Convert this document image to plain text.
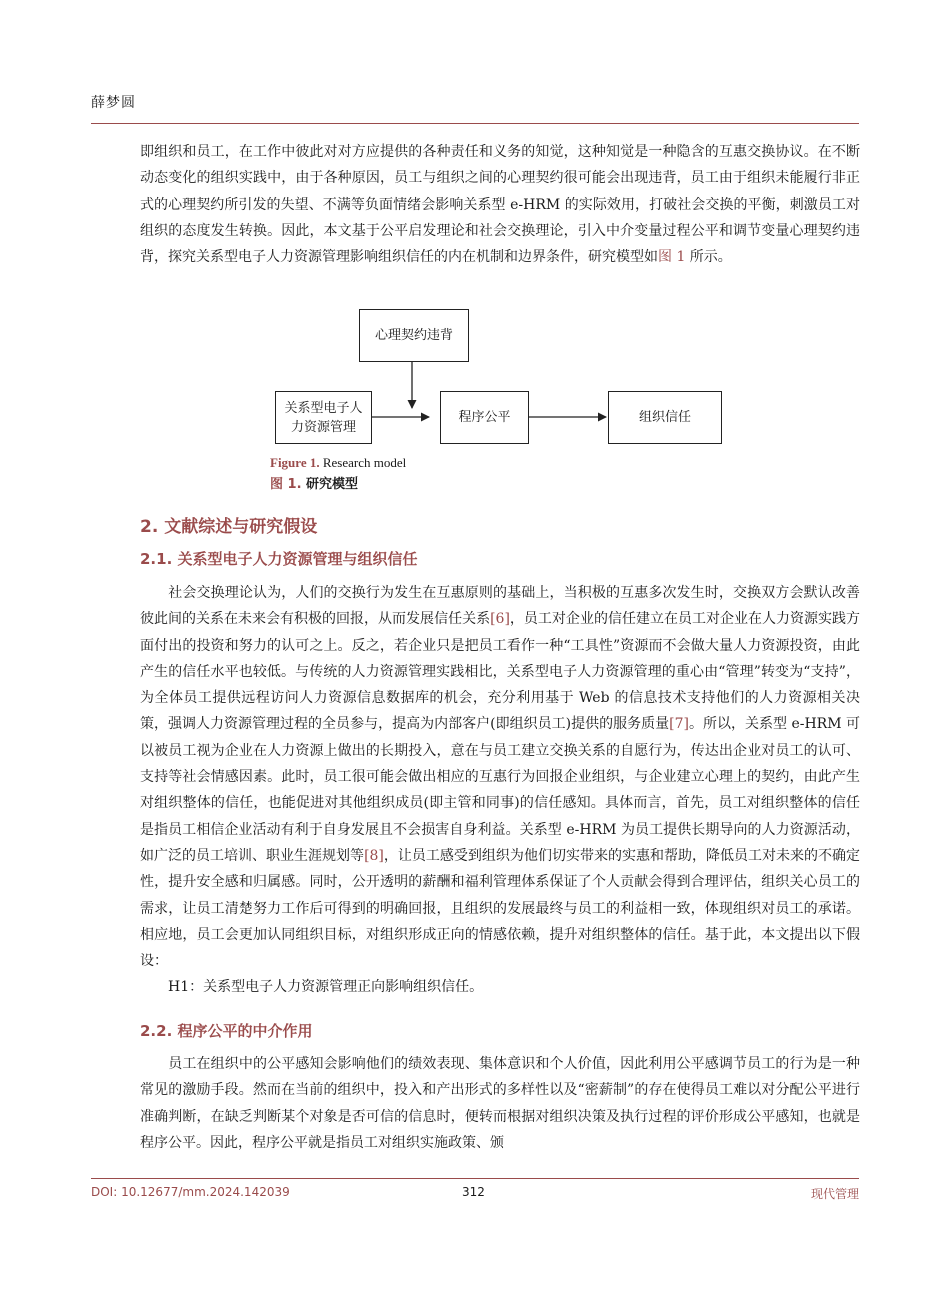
薛梦圆
即组织和员工，在工作中彼此对对方应提供的各种责任和义务的知觉，这种知觉是一种隐含的互惠交换协议。在不断动态变化的组织实践中，由于各种原因，员工与组织之间的心理契约很可能会出现违背，员工由于组织未能履行非正式的心理契约所引发的失望、不满等负面情绪会影响关系型 e-HRM 的实际效用，打破社会交换的平衡，刺激员工对组织的态度发生转换。因此，本文基于公平启发理论和社会交换理论，引入中介变量过程公平和调节变量心理契约违背，探究关系型电子人力资源管理影响组织信任的内在机制和边界条件，研究模型如图 1 所示。
心理契约违背
关系型电子人
力资源管理
程序公平	组织信任
Figure 1. Research model
图 1. 研究模型
2. 文献综述与研究假设
2.1. 关系型电子人力资源管理与组织信任
　　社会交换理论认为，人们的交换行为发生在互惠原则的基础上，当积极的互惠多次发生时，交换双方会默认改善彼此间的关系在未来会有积极的回报，从而发展信任关系[6]，员工对企业的信任建立在员工对企业在人力资源实践方面付出的投资和努力的认可之上。反之，若企业只是把员工看作一种“工具性”资源而不会做大量人力资源投资，由此产生的信任水平也较低。与传统的人力资源管理实践相比，关系型电子人力资源管理的重心由“管理”转变为“支持”，为全体员工提供远程访问人力资源信息数据库的机会，充分利用基于 Web 的信息技术支持他们的人力资源相关决策，强调人力资源管理过程的全员参与，提高为内部客户(即组织员工)提供的服务质量[7]。所以，关系型 e-HRM 可以被员工视为企业在人力资源上做出的长期投入，意在与员工建立交换关系的自愿行为，传达出企业对员工的认可、支持等社会情感因素。此时，员工很可能会做出相应的互惠行为回报企业组织，与企业建立心理上的契约，由此产生对组织整体的信任，也能促进对其他组织成员(即主管和同事)的信任感知。具体而言，首先，员工对组织整体的信任是指员工相信企业活动有利于自身发展且不会损害自身利益。关系型 e-HRM 为员工提供长期导向的人力资源活动，如广泛的员工培训、职业生涯规划等[8]，让员工感受到组织为他们切实带来的实惠和帮助，降低员工对未来的不确定性，提升安全感和归属感。同时，公开透明的薪酬和福利管理体系保证了个人贡献会得到合理评估，组织关心员工的需求，让员工清楚努力工作后可得到的明确回报，且组织的发展最终与员工的利益相一致，体现组织对员工的承诺。相应地，员工会更加认同组织目标，对组织形成正向的情感依赖，提升对组织整体的信任。基于此，本文提出以下假设：
　　H1：关系型电子人力资源管理正向影响组织信任。
2.2. 程序公平的中介作用
　　员工在组织中的公平感知会影响他们的绩效表现、集体意识和个人价值，因此利用公平感调节员工的行为是一种常见的激励手段。然而在当前的组织中，投入和产出形式的多样性以及“密薪制”的存在使得员工难以对分配公平进行准确判断，在缺乏判断某个对象是否可信的信息时，便转而根据对组织决策及执行过程的评价形成公平感知，也就是程序公平。因此，程序公平就是指员工对组织实施政策、颁
DOI: 10.12677/mm.2024.142039	312	现代管理
